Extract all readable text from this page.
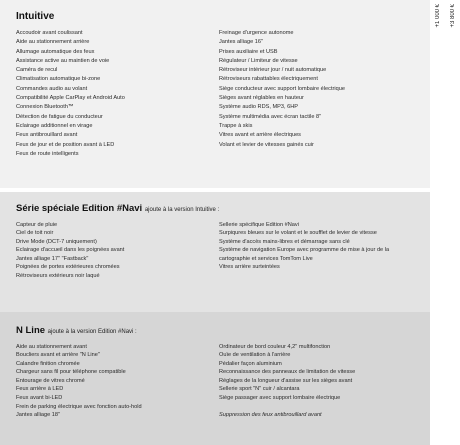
+1 000 € +3 800 €
Intuitive
Accoudoir avant coulissant
Aide au stationnement arrière
Allumage automatique des feux
Assistance active au maintien de voie
Caméra de recul
Climatisation automatique bi-zone
Commandes audio au volant
Compatibilité Apple CarPlay et Android Auto
Connexion Bluetooth™
Détection de fatigue du conducteur
Eclairage additionnel en virage
Feux antibrouillard avant
Feux de jour et de position avant à LED
Feux de route intelligents
Freinage d'urgence autonome
Jantes alliage 16''
Prises auxiliaire et USB
Régulateur / Limiteur de vitesse
Rétroviseur intérieur jour / nuit automatique
Rétroviseurs rabattables électriquement
Siège conducteur avec support lombaire électrique
Sièges avant réglables en hauteur
Système audio RDS, MP3, 6HP
Système multimédia avec écran tactile 8''
Trappe à skis
Vitres avant et arrière électriques
Volant et levier de vitesses gainés cuir
Série spéciale Edition #Navi ajoute à la version Intuitive :
Capteur de pluie
Ciel de toit noir
Drive Mode (DCT-7 uniquement)
Eclairage d'accueil dans les poignées avant
Jantes alliage 17'' "Fastback"
Poignées de portes extérieures chromées
Rétroviseurs extérieurs noir laqué
Sellerie spécifique Edition #Navi
Surpiqures bleues sur le volant et le soufflet de levier de vitesse
Système d'accès mains-libres et démarrage sans clé
Système de navigation Europe avec programme de mise à jour de la cartographie et services TomTom Live
Vitres arrière surteintées
N Line ajoute à la version Edition #Navi :
Aide au stationnement avant
Boucliers avant et arrière "N Line"
Calandre finition chromée
Chargeur sans fil pour téléphone compatible
Entourage de vitres chromé
Feux arrière à LED
Feux avant bi-LED
Frein de parking électrique avec fonction auto-hold
Jantes alliage 18''
Ordinateur de bord couleur 4,2'' multifonction
Ouïe de ventilation à l'arrière
Pédalier façon aluminium
Reconnaissance des panneaux de limitation de vitesse
Réglages de la longueur d'assise sur les sièges avant
Sellerie sport "N" cuir / alcantara
Siège passager avec support lombaire électrique
Suppression des feux antibrouillard avant
